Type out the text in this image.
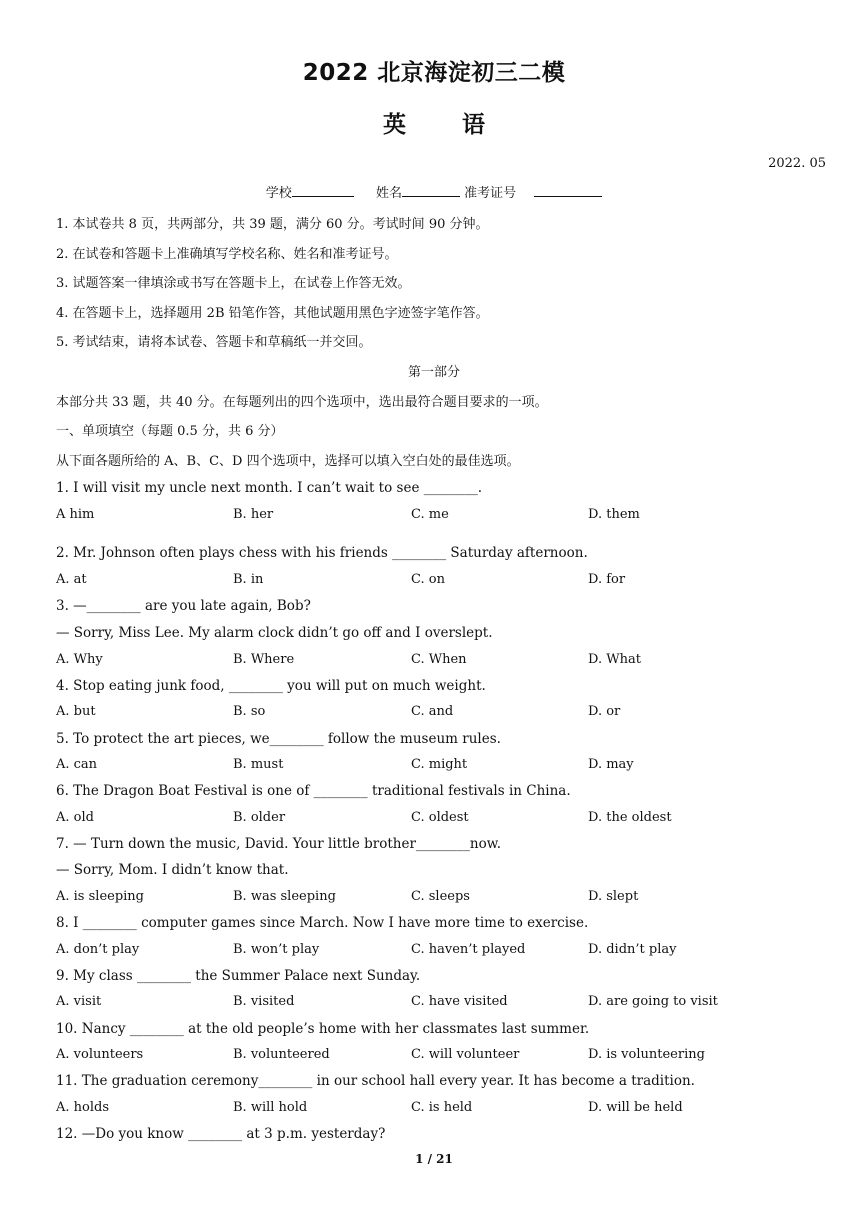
2022 北京海淀初三二模
英 语
2022. 05
学校	姓名	准考证号
1. 本试卷共 8 页，共两部分，共 39 题，满分 60 分。考试时间 90 分钟。
2. 在试卷和答题卡上准确填写学校名称、姓名和准考证号。
3. 试题答案一律填涂或书写在答题卡上，在试卷上作答无效。
4. 在答题卡上，选择题用 2B 铅笔作答，其他试题用黑色字迹签字笔作答。
5. 考试结束，请将本试卷、答题卡和草稿纸一并交回。
第一部分
本部分共 33 题，共 40 分。在每题列出的四个选项中，选出最符合题目要求的一项。
一、单项填空（每题 0.5 分，共 6 分）
从下面各题所给的 A、B、C、D 四个选项中，选择可以填入空白处的最佳选项。
1. I will visit my uncle next month. I can’t wait to see ________.
A him	B. her	C. me	D. them
2. Mr. Johnson often plays chess with his friends ________ Saturday afternoon.
A. at	B. in	C. on	D. for
3. —________ are you late again, Bob?
— Sorry, Miss Lee. My alarm clock didn’t go off and I overslept.
A. Why	B. Where	C. When	D. What
4. Stop eating junk food, ________ you will put on much weight.
A. but	B. so	C. and	D. or
5. To protect the art pieces, we________ follow the museum rules.
A. can	B. must	C. might	D. may
6. The Dragon Boat Festival is one of ________ traditional festivals in China.
A. old	B. older	C. oldest	D. the oldest
7. — Turn down the music, David. Your little brother________now.
— Sorry, Mom. I didn’t know that.
A. is sleeping	B. was sleeping	C. sleeps	D. slept
8. I ________ computer games since March. Now I have more time to exercise.
A. don’t play	B. won’t play	C. haven’t played	D. didn’t play
9. My class ________ the Summer Palace next Sunday.
A. visit	B. visited	C. have visited	D. are going to visit
10. Nancy ________ at the old people’s home with her classmates last summer.
A. volunteers	B. volunteered	C. will volunteer	D. is volunteering
11. The graduation ceremony________ in our school hall every year. It has become a tradition.
A. holds	B. will hold	C. is held	D. will be held
12. —Do you know ________ at 3 p.m. yesterday?
1 / 21
